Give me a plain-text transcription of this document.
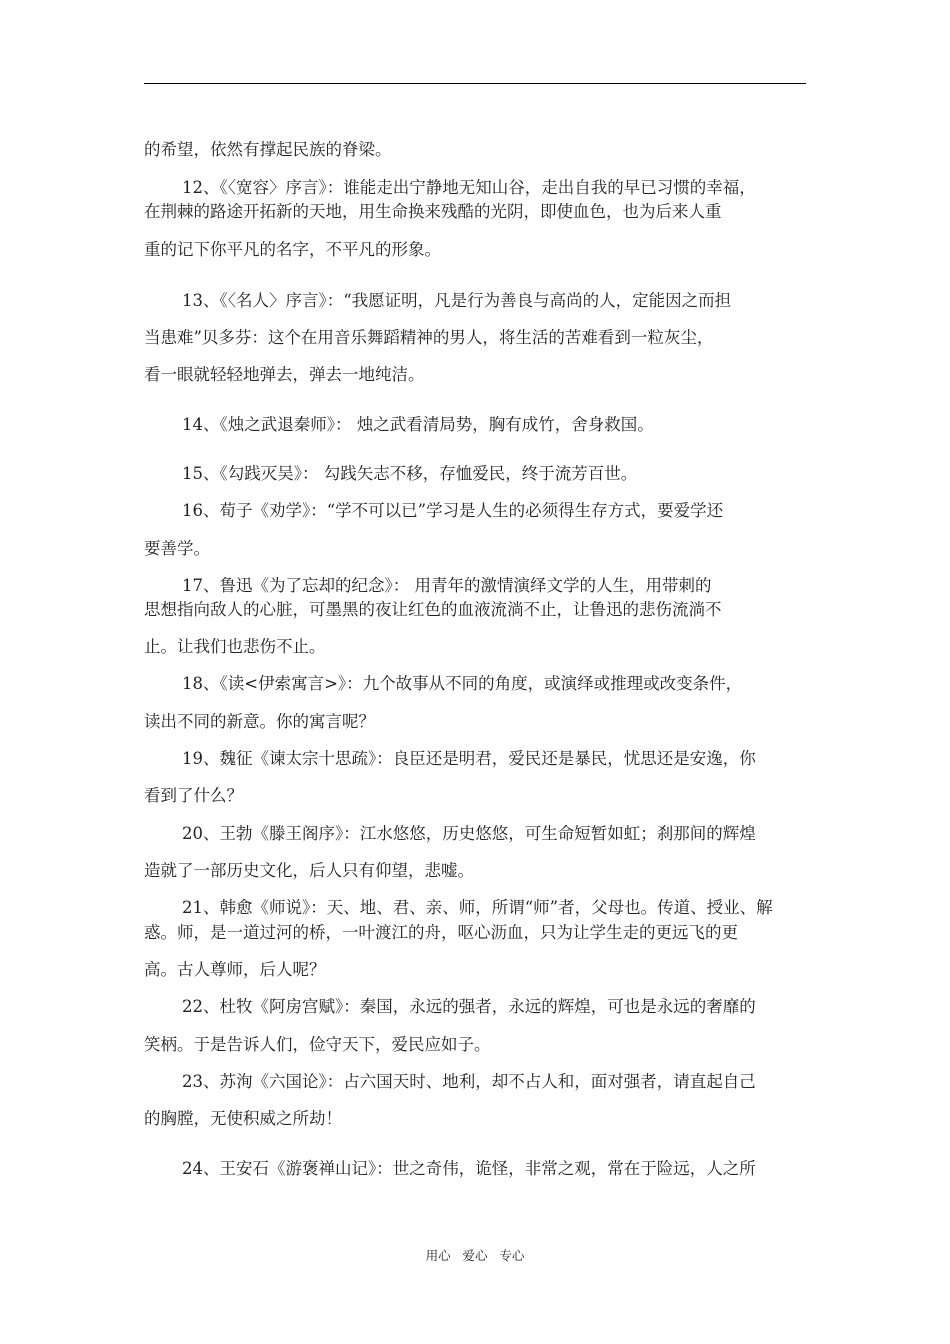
的希望，依然有撑起民族的脊梁。
12、《〈宽容〉序言》：谁能走出宁静地无知山谷，走出自我的早已习惯的幸福，
在荆棘的路途开拓新的天地，用生命换来残酷的光阴，即使血色，也为后来人重
重的记下你平凡的名字，不平凡的形象。
13、《〈名人〉序言》：“我愿证明，凡是行为善良与高尚的人，定能因之而担
当患难”贝多芬：这个在用音乐舞蹈精神的男人，将生活的苦难看到一粒灰尘，
看一眼就轻轻地弹去，弹去一地纯洁。
14、《烛之武退秦师》： 烛之武看清局势，胸有成竹，舍身救国。
15、《勾践灭吴》： 勾践矢志不移，存恤爱民，终于流芳百世。
16、荀子《劝学》：“学不可以已”学习是人生的必须得生存方式，要爱学还
要善学。
17、鲁迅《为了忘却的纪念》： 用青年的激情演绎文学的人生，用带刺的
思想指向敌人的心脏，可墨黑的夜让红色的血液流淌不止，让鲁迅的悲伤流淌不
止。让我们也悲伤不止。
18、《读<伊索寓言>》：九个故事从不同的角度，或演绎或推理或改变条件，
读出不同的新意。你的寓言呢？
19、魏征《谏太宗十思疏》：良臣还是明君，爱民还是暴民，忧思还是安逸，你
看到了什么？
20、王勃《滕王阁序》：江水悠悠，历史悠悠，可生命短暂如虹；刹那间的辉煌
造就了一部历史文化，后人只有仰望，悲嘘。
21、韩愈《师说》：天、地、君、亲、师，所谓“师”者，父母也。传道、授业、解
惑。师，是一道过河的桥，一叶渡江的舟，呕心沥血，只为让学生走的更远飞的更
高。古人尊师，后人呢？
22、杜牧《阿房宫赋》：秦国，永远的强者，永远的辉煌，可也是永远的奢靡的
笑柄。于是告诉人们，俭守天下，爱民应如子。
23、苏洵《六国论》：占六国天时、地利，却不占人和，面对强者，请直起自己
的胸膛，无使积威之所劫！
24、王安石《游褒禅山记》：世之奇伟，诡怪，非常之观，常在于险远，人之所
用心   爱心   专心
